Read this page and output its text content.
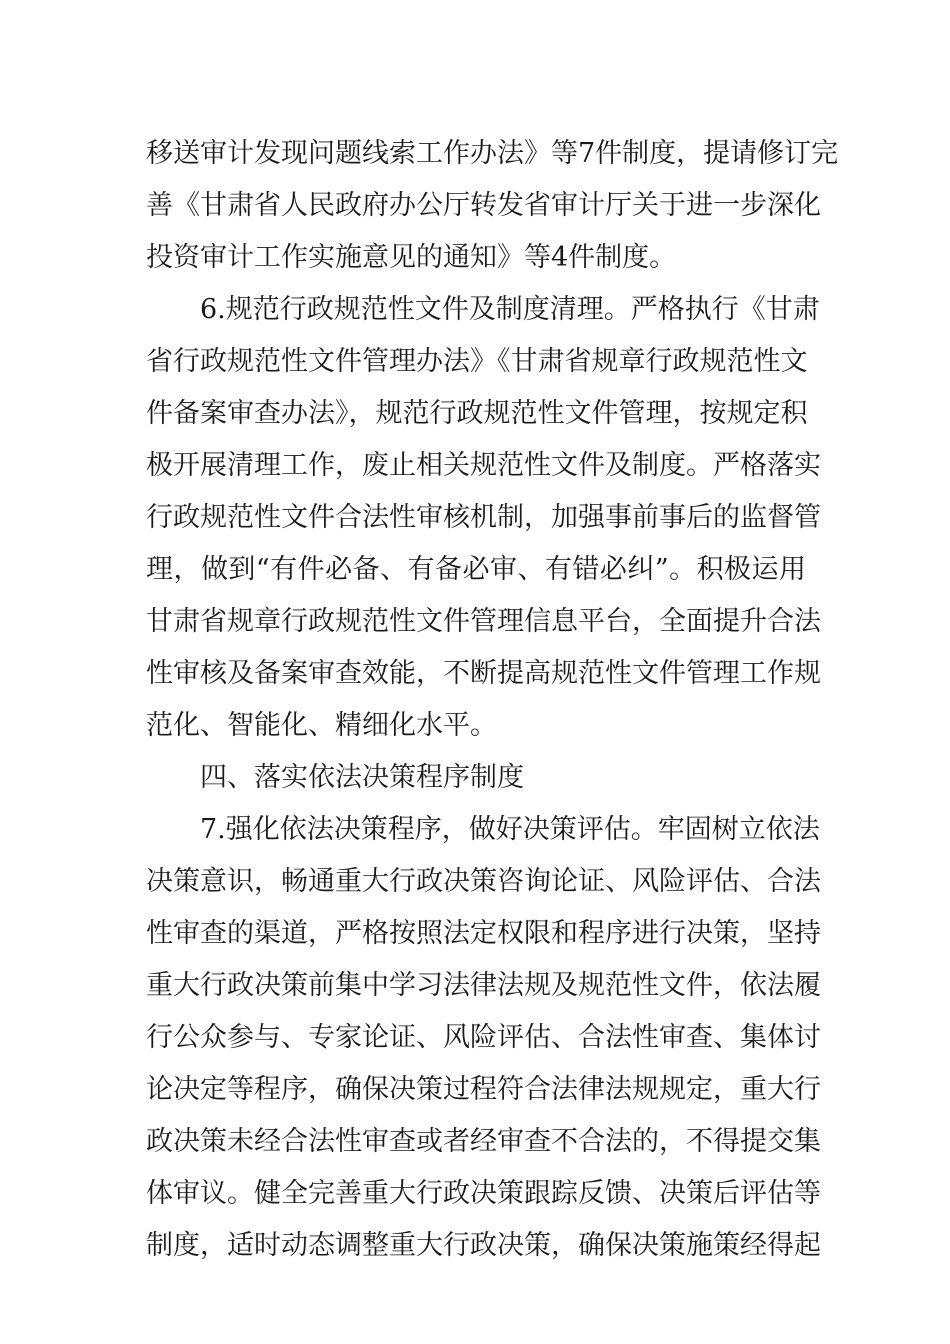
移送审计发现问题线索工作办法》等7件制度，提请修订完
善《甘肃省人民政府办公厅转发省审计厅关于进一步深化
投资审计工作实施意见的通知》等4件制度。
6.规范行政规范性文件及制度清理。严格执行《甘肃
省行政规范性文件管理办法》《甘肃省规章行政规范性文
件备案审查办法》，规范行政规范性文件管理，按规定积
极开展清理工作，废止相关规范性文件及制度。严格落实
行政规范性文件合法性审核机制，加强事前事后的监督管
理，做到“有件必备、有备必审、有错必纠”。积极运用
甘肃省规章行政规范性文件管理信息平台，全面提升合法
性审核及备案审查效能，不断提高规范性文件管理工作规
范化、智能化、精细化水平。
四、落实依法决策程序制度
7.强化依法决策程序，做好决策评估。牢固树立依法
决策意识，畅通重大行政决策咨询论证、风险评估、合法
性审查的渠道，严格按照法定权限和程序进行决策，坚持
重大行政决策前集中学习法律法规及规范性文件，依法履
行公众参与、专家论证、风险评估、合法性审查、集体讨
论决定等程序，确保决策过程符合法律法规规定，重大行
政决策未经合法性审查或者经审查不合法的，不得提交集
体审议。健全完善重大行政决策跟踪反馈、决策后评估等
制度，适时动态调整重大行政决策，确保决策施策经得起
